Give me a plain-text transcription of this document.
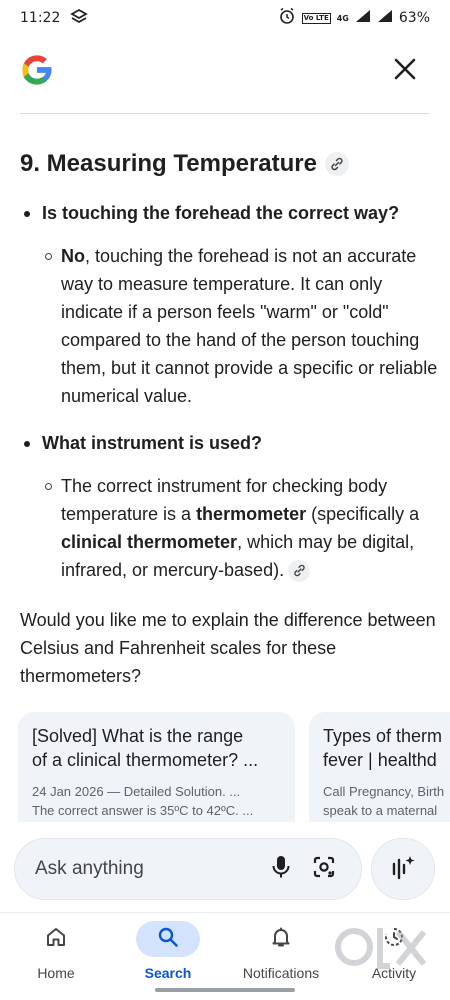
11:22	Vo LTE 4G	63%
9. Measuring Temperature
Is touching the forehead the correct way?
No, touching the forehead is not an accurate way to measure temperature. It can only indicate if a person feels "warm" or "cold" compared to the hand of the person touching them, but it cannot provide a specific or reliable numerical value.
What instrument is used?
The correct instrument for checking body temperature is a thermometer (specifically a clinical thermometer, which may be digital, infrared, or mercury-based).
Would you like me to explain the difference between Celsius and Fahrenheit scales for these thermometers?
[Solved] What is the range
of a clinical thermometer? ...
24 Jan 2026 — Detailed Solution. ...
The correct answer is 35ºC to 42ºC. ...
Types of therm
fever | healthd
Call Pregnancy, Birth
speak to a maternal
Ask anything
Home	Search	Notifications	Activity
